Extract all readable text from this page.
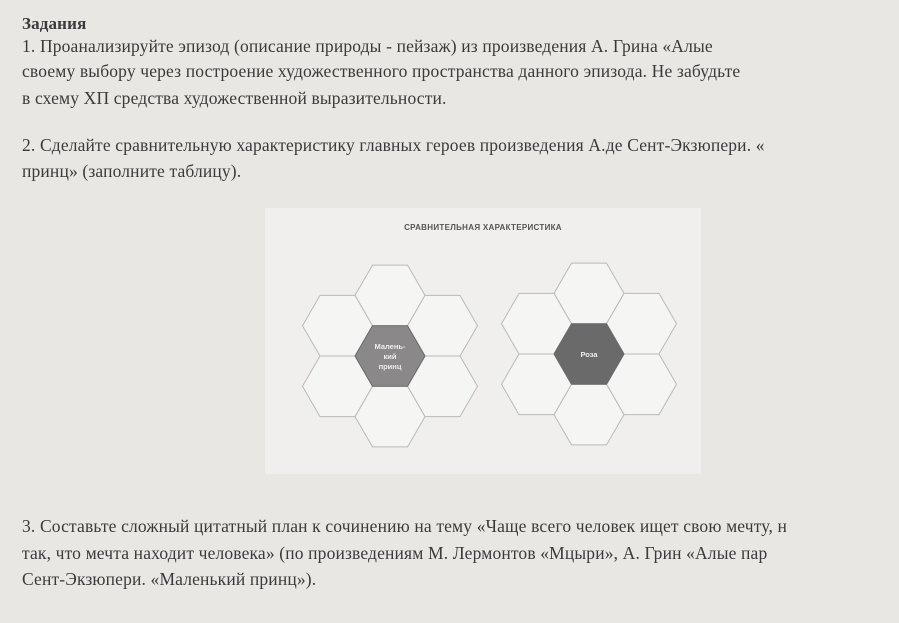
Задания
1. Проанализируйте эпизод (описание природы - пейзаж) из произведения А. Грина «Алые
своему выбору через построение художественного пространства данного эпизода. Не забудьте
в схему ХП средства художественной выразительности.
2. Сделайте сравнительную характеристику главных героев произведения А.де Сент-Экзюпери. «
принц» (заполните таблицу).
СРАВНИТЕЛЬНАЯ ХАРАКТЕРИСТИКА
Малень-
кий
принц
Роза
3. Составьте сложный цитатный план к сочинению на тему «Чаще всего человек ищет свою мечту, н
так, что мечта находит человека» (по произведениям М. Лермонтов «Мцыри», А. Грин «Алые пар
Сент-Экзюпери. «Маленький принц»).
